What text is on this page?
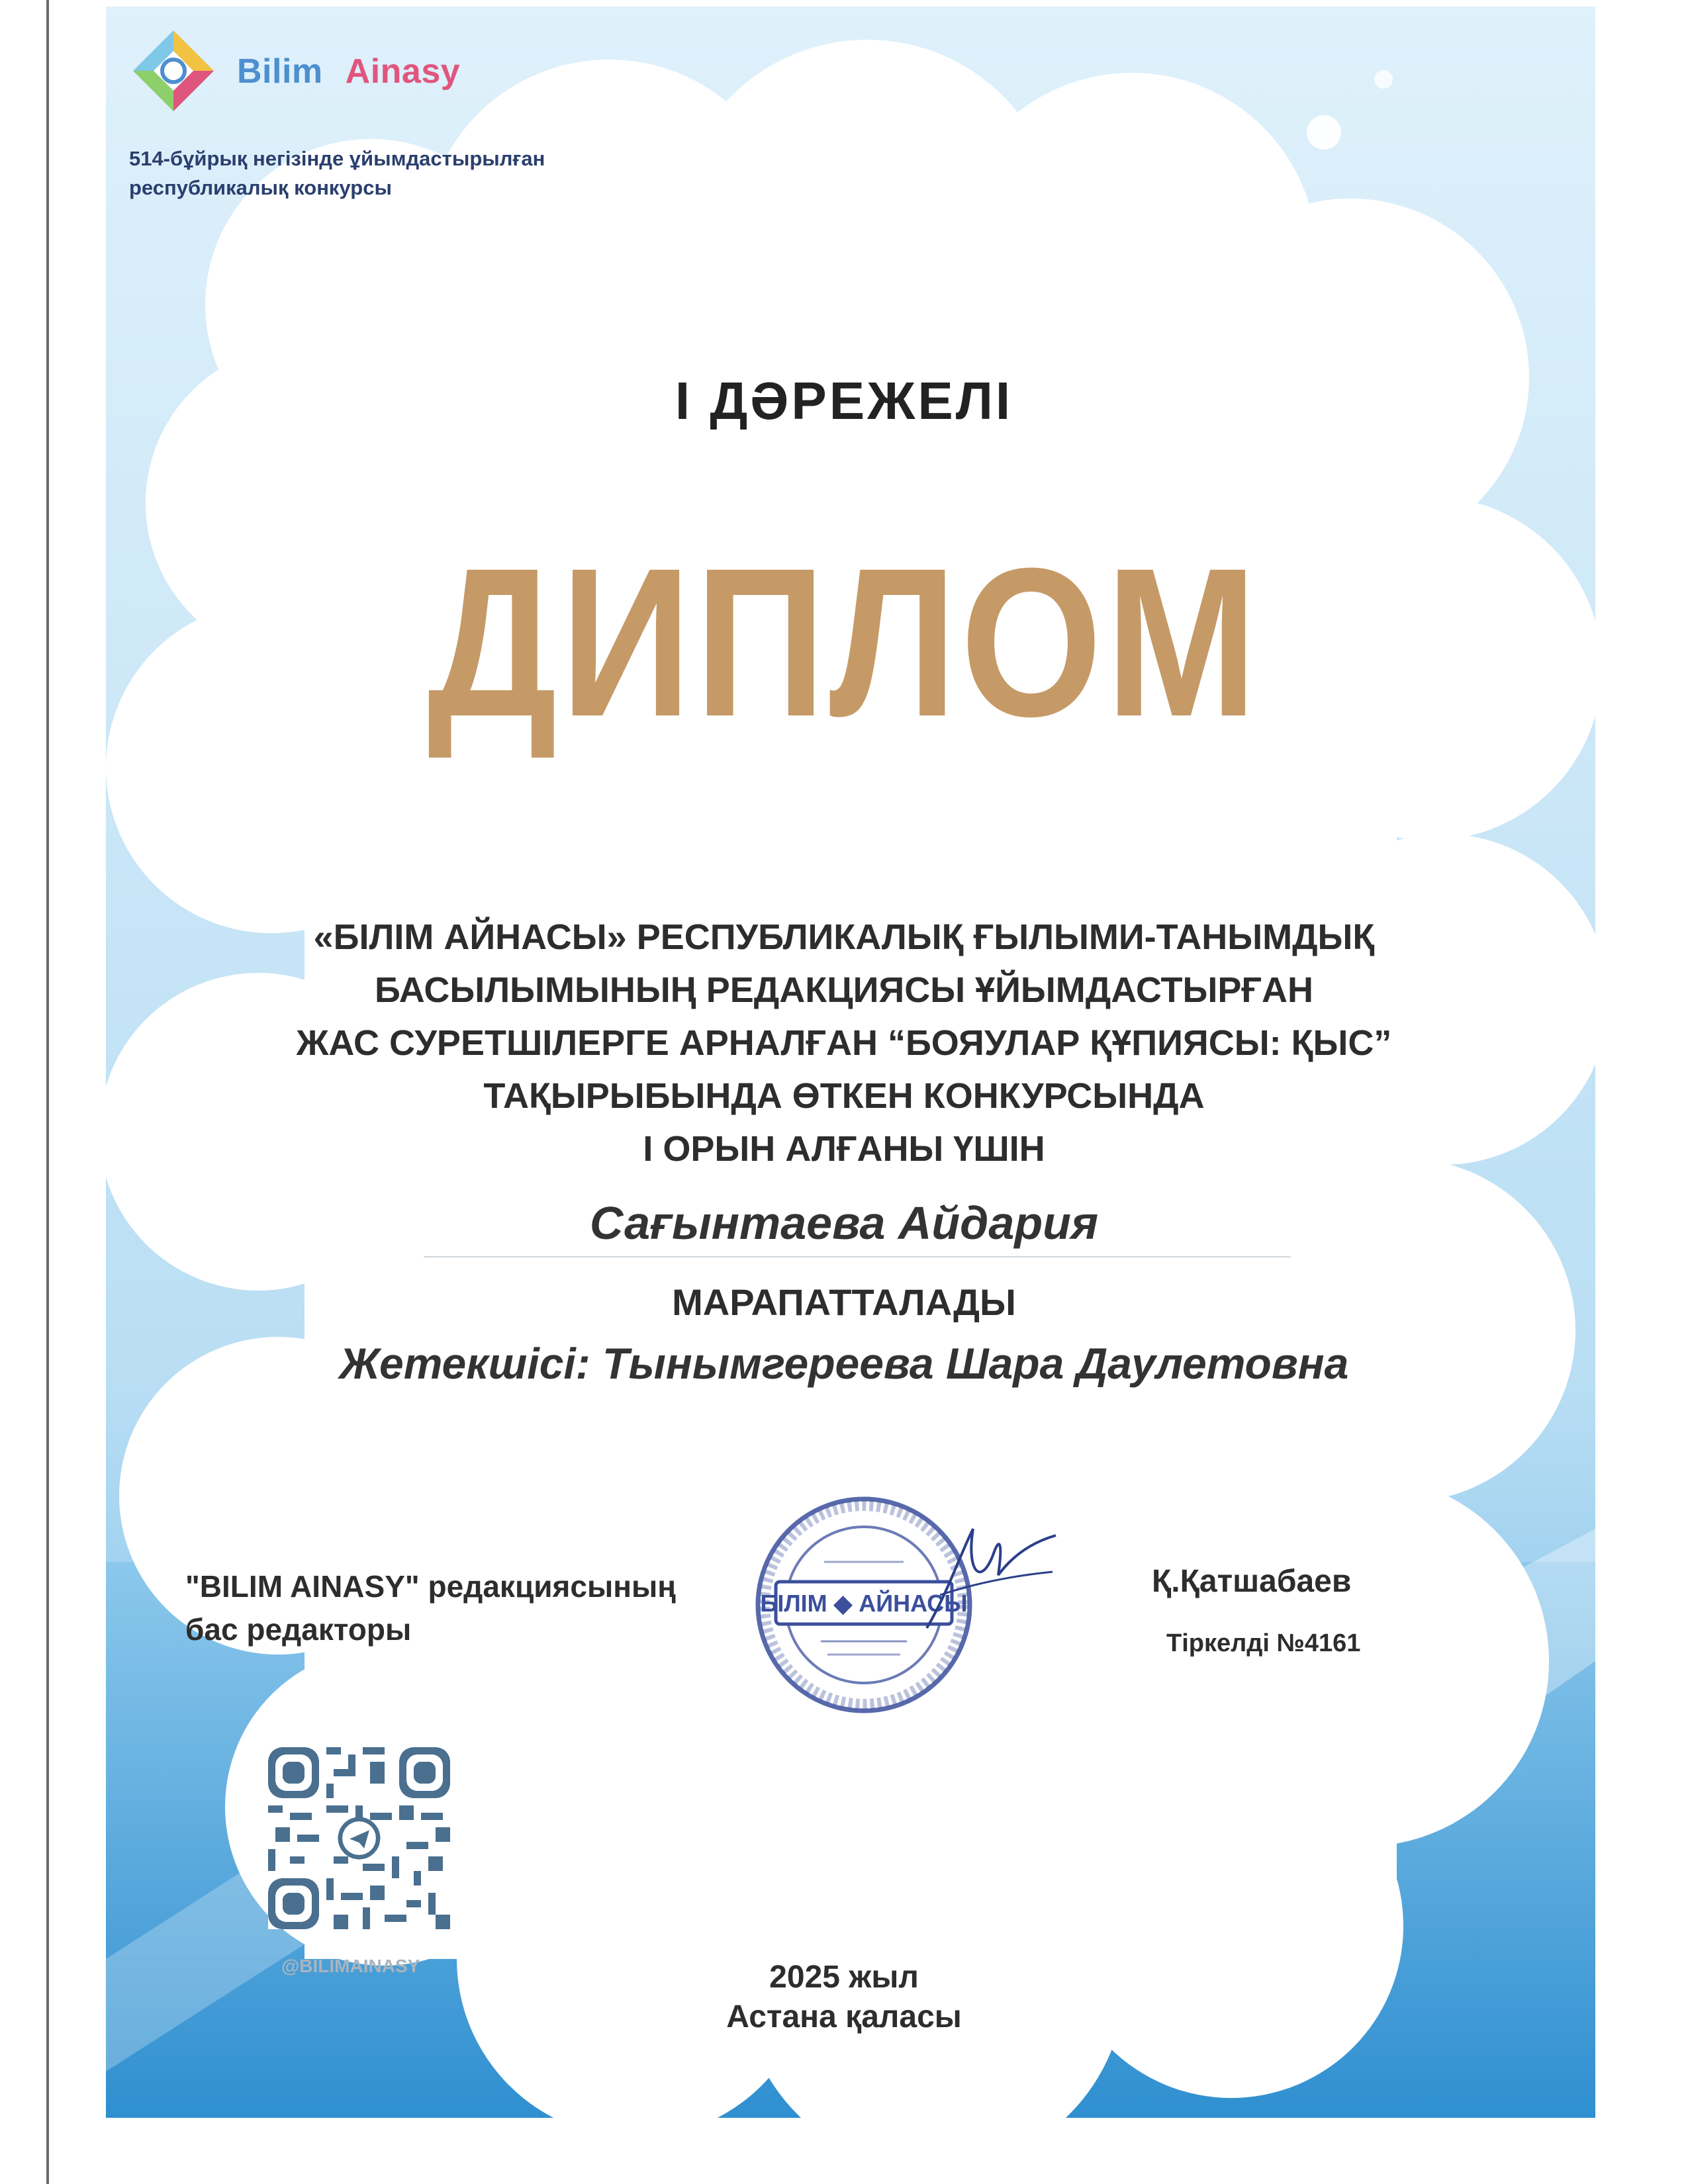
Bilim Ainasy
514-бұйрық негізінде ұйымдастырылған
республикалық конкурсы
І ДӘРЕЖЕЛІ
ДИПЛОМ
«БІЛІМ АЙНАСЫ» РЕСПУБЛИКАЛЫҚ ҒЫЛЫМИ-ТАНЫМДЫҚ
БАСЫЛЫМЫНЫҢ РЕДАКЦИЯСЫ ҰЙЫМДАСТЫРҒАН
ЖАС СУРЕТШІЛЕРГЕ АРНАЛҒАН “БОЯУЛАР ҚҰПИЯСЫ: ҚЫС”
ТАҚЫРЫБЫНДА ӨТКЕН КОНКУРСЫНДА
І ОРЫН АЛҒАНЫ ҮШІН
Сағынтаева Айдария
МАРАПАТТАЛАДЫ
Жетекшісі: Тынымгереева Шара Даулетовна
"BILIM AINASY" редакциясының
бас редакторы
БІЛІМ ◆ АЙНАСЫ
Қ.Қатшабаев
Тіркелді №4161
@BILIMAINASY	2025 жыл
Астана қаласы
